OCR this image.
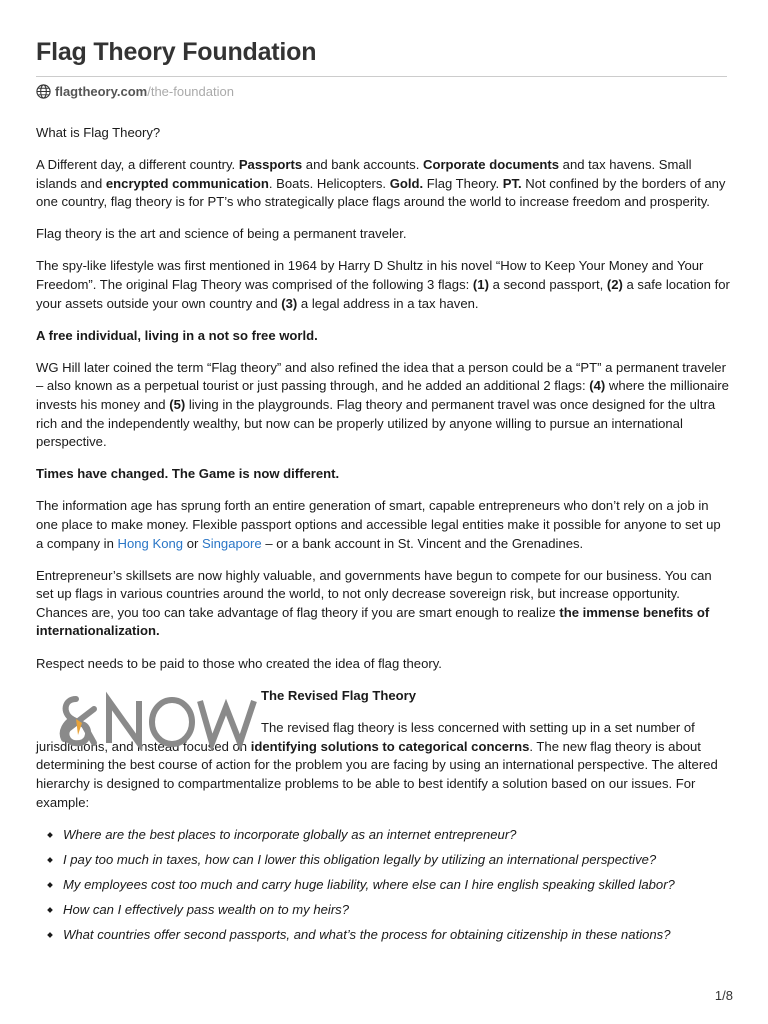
Flag Theory Foundation
flagtheory.com /the-foundation

What is Flag Theory?

A Different day, a different country. Passports and bank accounts. Corporate documents and tax havens. Small islands and encrypted communication. Boats. Helicopters. Gold. Flag Theory. PT. Not confined by the borders of any one country, flag theory is for PT’s who strategically place flags around the world to increase freedom and prosperity.

Flag theory is the art and science of being a permanent traveler.

The spy-like lifestyle was first mentioned in 1964 by Harry D Shultz in his novel “How to Keep Your Money and Your Freedom”. The original Flag Theory was comprised of the following 3 flags: (1) a second passport, (2) a safe location for your assets outside your own country and (3) a legal address in a tax haven.

A free individual, living in a not so free world.

WG Hill later coined the term “Flag theory” and also refined the idea that a person could be a “PT” a permanent traveler – also known as a perpetual tourist or just passing through, and he added an additional 2 flags: (4) where the millionaire invests his money and (5) living in the playgrounds. Flag theory and permanent travel was once designed for the ultra rich and the independently wealthy, but now can be properly utilized by anyone willing to pursue an international perspective.

Times have changed. The Game is now different.

The information age has sprung forth an entire generation of smart, capable entrepreneurs who don’t rely on a job in one place to make money. Flexible passport options and accessible legal entities make it possible for anyone to set up a company in Hong Kong or Singapore – or a bank account in St. Vincent and the Grenadines.

Entrepreneur’s skillsets are now highly valuable, and governments have begun to compete for our business. You can set up flags in various countries around the world, to not only decrease sovereign risk, but increase opportunity. Chances are, you too can take advantage of flag theory if you are smart enough to realize the immense benefits of internationalization.

Respect needs to be paid to those who created the idea of flag theory.

&NOW	The Revised Flag Theory

The revised flag theory is less concerned with setting up in a set number of jurisdictions, and instead focused on identifying solutions to categorical concerns. The new flag theory is about determining the best course of action for the problem you are facing by using an international perspective. The altered hierarchy is designed to compartmentalize problems to be able to best identify a solution based on our issues. For example:

Where are the best places to incorporate globally as an internet entrepreneur?
I pay too much in taxes, how can I lower this obligation legally by utilizing an international perspective?
My employees cost too much and carry huge liability, where else can I hire english speaking skilled labor?
How can I effectively pass wealth on to my heirs?
What countries offer second passports, and what’s the process for obtaining citizenship in these nations?
1/8
